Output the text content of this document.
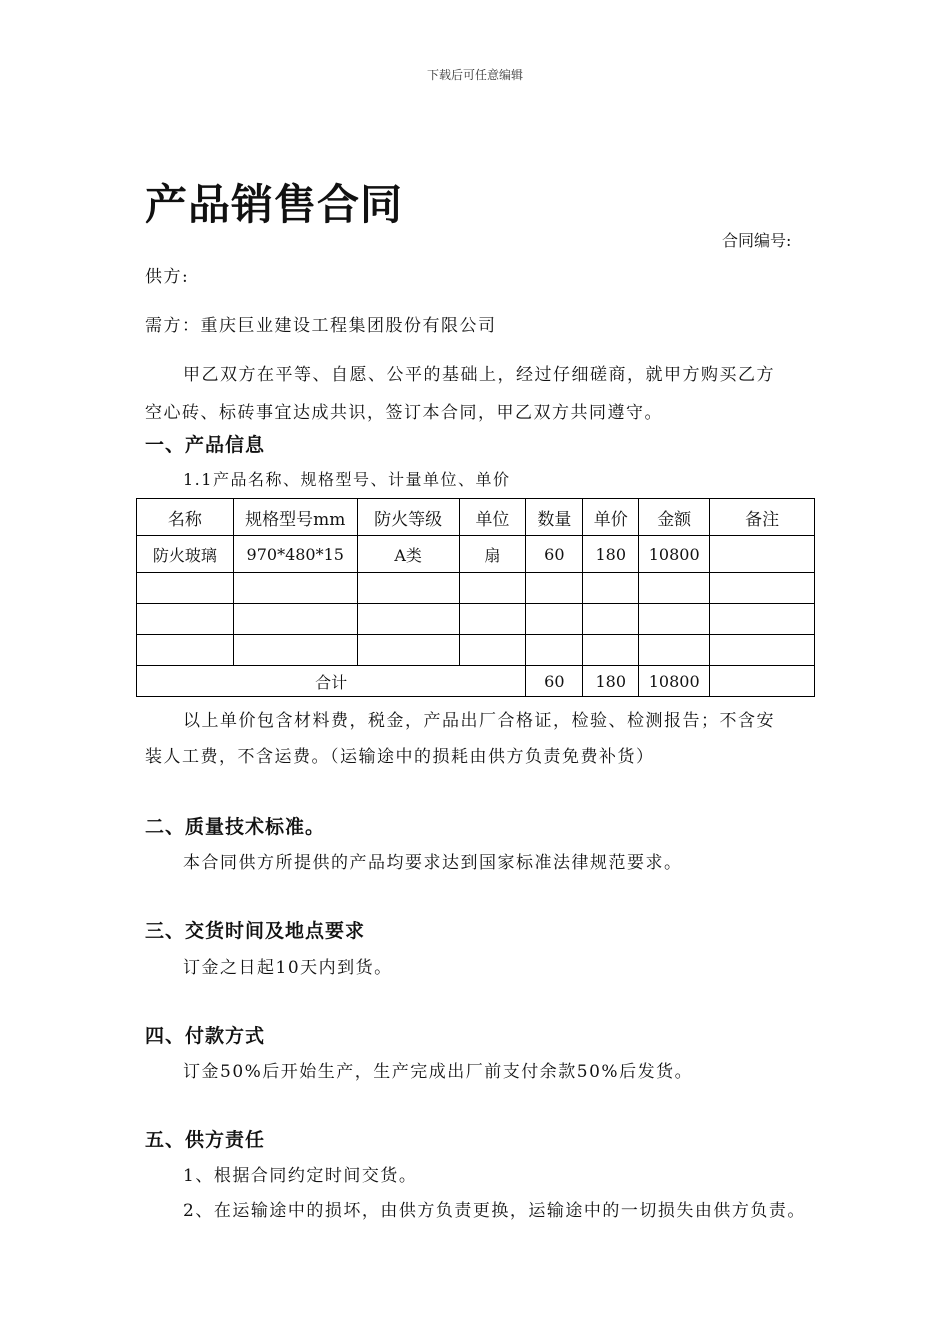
下载后可任意编辑
产品销售合同
合同编号:
供方:
需方：重庆巨业建设工程集团股份有限公司
甲乙双方在平等、自愿、公平的基础上，经过仔细磋商，就甲方购买乙方
空心砖、标砖事宜达成共识，签订本合同，甲乙双方共同遵守。
一、产品信息
1.1产品名称、规格型号、计量单位、单价
名称	规格型号mm	防火等级	单位	数量	单价	金额	备注
防火玻璃	970*480*15	A类	扇	60	180	10800	

合计				60	180	10800	
以上单价包含材料费，税金，产品出厂合格证，检验、检测报告；不含安
装人工费，不含运费。（运输途中的损耗由供方负责免费补货）
二、质量技术标准。
本合同供方所提供的产品均要求达到国家标准法律规范要求。
三、交货时间及地点要求
订金之日起10天内到货。
四、付款方式
订金50%后开始生产，生产完成出厂前支付余款50%后发货。
五、供方责任
1、根据合同约定时间交货。
2、在运输途中的损坏，由供方负责更换，运输途中的一切损失由供方负责。
